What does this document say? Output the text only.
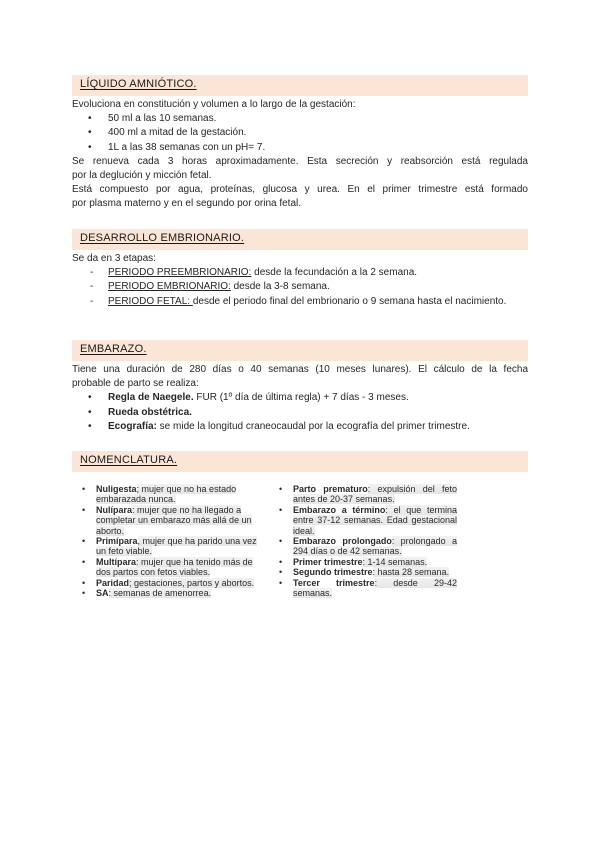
LÍQUIDO AMNIÓTICO.

Evoluciona en constitución y volumen a lo largo de la gestación:

• 50 ml a las 10 semanas.
• 400 ml a mitad de la gestación.
• 1L a las 38 semanas con un pH= 7.

Se renueva cada 3 horas aproximadamente. Esta secreción y reabsorción está regulada

por la deglución y micción fetal.

Está compuesto por agua, proteínas, glucosa y urea. En el primer trimestre está formado

por plasma materno y en el segundo por orina fetal.

DESARROLLO EMBRIONARIO.

Se da en 3 etapas:

- PERIODO PREEMBRIONARIO: desde la fecundación a la 2 semana.
- PERIODO EMBRIONARIO: desde la 3-8 semana.
- PERIODO FETAL: desde el periodo final del embrionario o 9 semana hasta el nacimiento.
EMBARAZO.

Tiene una duración de 280 días o 40 semanas (10 meses lunares). El cálculo de la fecha

probable de parto se realiza:

• Regla de Naegele. FUR (1º día de última regla) + 7 días - 3 meses.
• Rueda obstétrica.
• Ecografía: se mide la longitud craneocaudal por la ecografía del primer trimestre.
NOMENCLATURA.
• Nuligesta; mujer que no ha estado embarazada nunca.
• Nulípara: mujer que no ha llegado a completar un embarazo más allá de un aborto.
• Primípara, mujer que ha parido una vez un feto viable.
• Multípara: mujer que ha tenido más de dos partos con fetos viables.
• Paridad; gestaciones, partos y abortos.
• SA: semanas de amenorrea.
• Parto prematuro: expulsión del feto antes de 20-37 semanas.
• Embarazo a término: el que termina entre 37-12 semanas. Edad gestacional ideal.
• Embarazo prolongado: prolongado a 294 días o de 42 semanas.
• Primer trimestre: 1-14 semanas.
• Segundo trimestre: hasta 28 semana.
• Tercer trimestre: desde 29-42 semanas.
